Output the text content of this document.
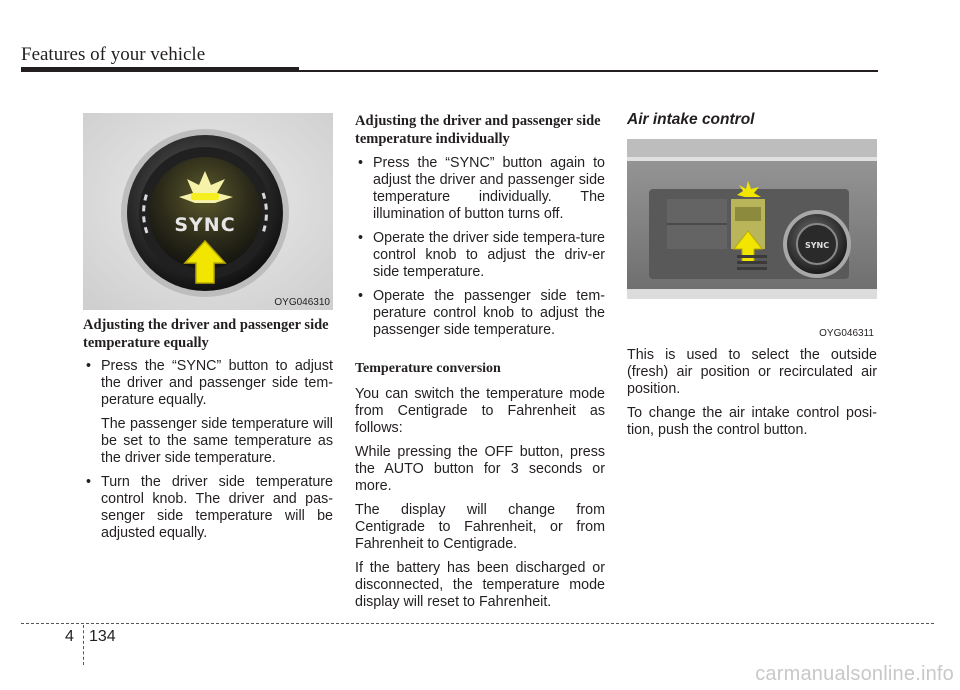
Features of your vehicle
SYNC
OYG046310

Adjusting the driver and passenger side temperature equally

• Press the “SYNC” button to adjust the driver and passenger side tem-perature equally.
The passenger side temperature will be set to the same temperature as the driver side temperature.
• Turn the driver side temperature control knob. The driver and pas-senger side temperature will be adjusted equally.

Adjusting the driver and passenger side temperature individually

• Press the “SYNC” button again to adjust the driver and passenger side temperature individually. The illumination of button turns off.
• Operate the driver side tempera-ture control knob to adjust the driv-er side temperature.
• Operate the passenger side tem-perature control knob to adjust the passenger side temperature.

Temperature conversion

You can switch the temperature mode from Centigrade to Fahrenheit as follows:

While pressing the OFF button, press the AUTO button for 3 seconds or more.

The display will change from Centigrade to Fahrenheit, or from Fahrenheit to Centigrade.

If the battery has been discharged or disconnected, the temperature mode display will reset to Fahrenheit.

Air intake control

SYNC
OYG046311

This is used to select the outside (fresh) air position or recirculated air position.

To change the air intake control posi-tion, push the control button.

4 134
carmanualsonline.info
